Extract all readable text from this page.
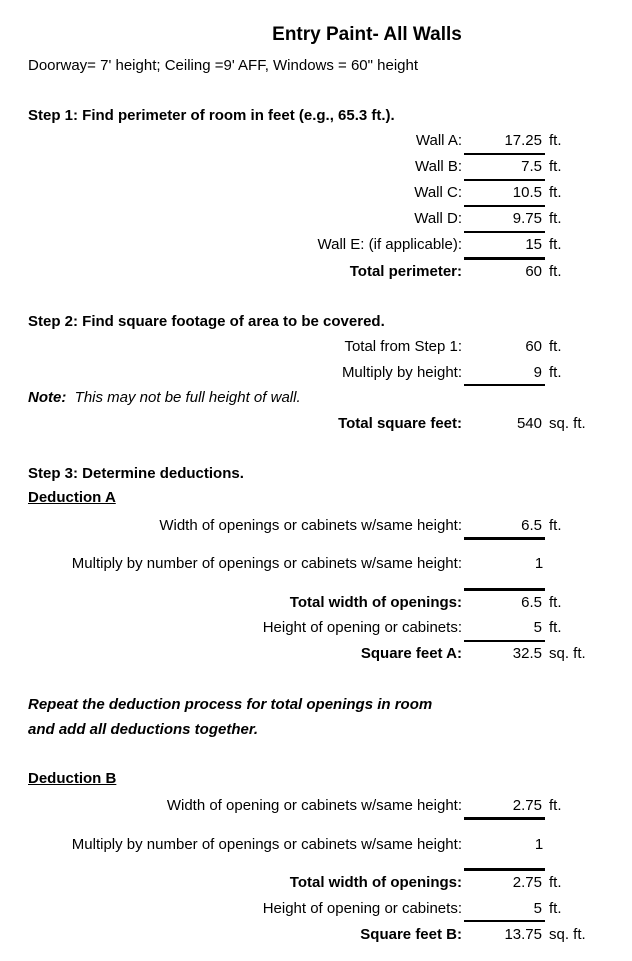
Entry Paint- All Walls
Doorway= 7' height; Ceiling =9' AFF, Windows = 60" height
Step 1: Find perimeter of room in feet (e.g., 65.3 ft.).
Wall A:	17.25 ft.
Wall B:	7.5 ft.
Wall C:	10.5 ft.
Wall D:	9.75 ft.
Wall E: (if applicable):	15 ft.
Total perimeter:	60 ft.
Step 2: Find square footage of area to be covered.
Total from Step 1:	60 ft.
Multiply by height:	9 ft.
Note: This may not be full height of wall.
Total square feet:	540 sq. ft.
Step 3: Determine deductions.
Deduction A
Width of openings or cabinets w/same height:	6.5 ft.
Multiply by number of openings or cabinets w/same height:	1
Total width of openings:	6.5 ft.
Height of opening or cabinets:	5 ft.
Square feet A:	32.5 sq. ft.
Repeat the deduction process for total openings in room
and add all deductions together.
Deduction B
Width of opening or cabinets w/same height:	2.75 ft.
Multiply by number of openings or cabinets w/same height:	1
Total width of openings:	2.75 ft.
Height of opening or cabinets:	5 ft.
Square feet B:	13.75 sq. ft.
